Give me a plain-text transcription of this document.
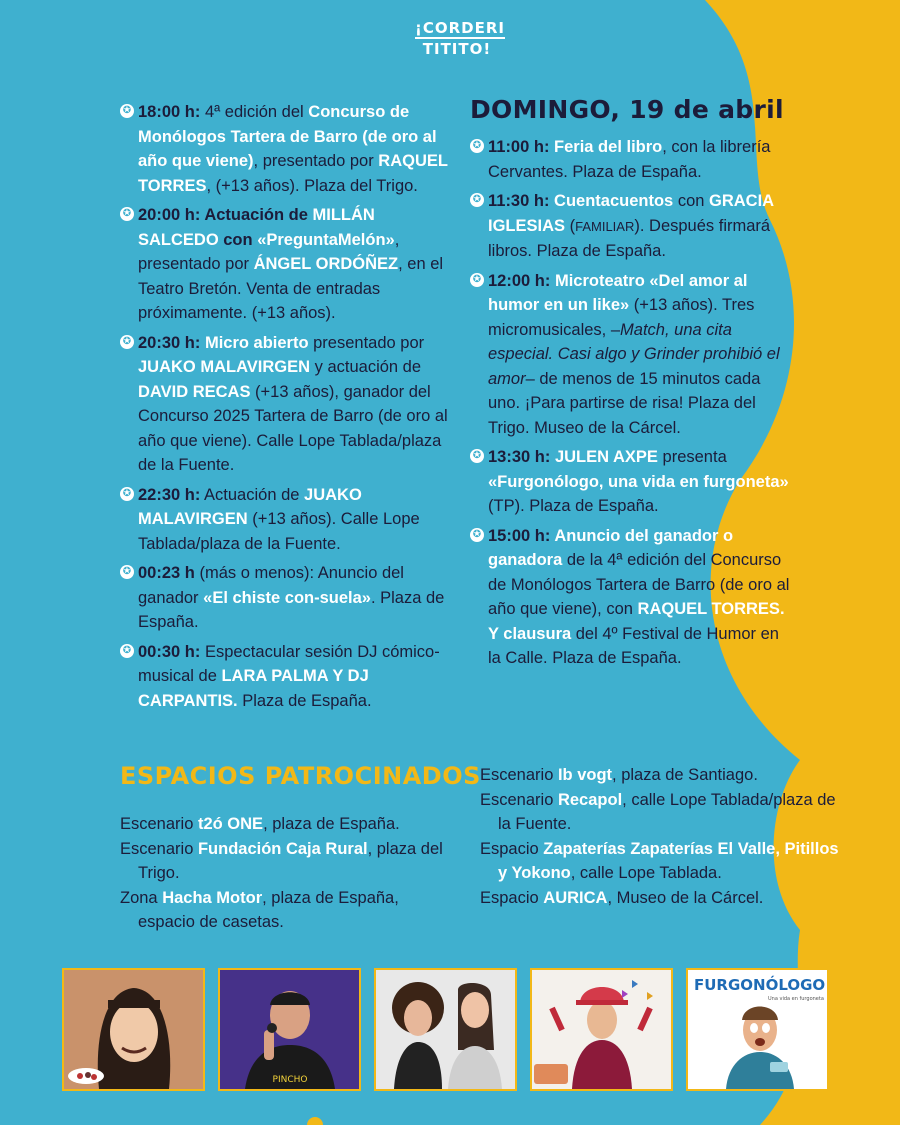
¡CORDERI
TITITO!
✪ 18:00 h: 4ª edición del Concurso de Monólogos Tartera de Barro (de oro al año que viene), presentado por RAQUEL TORRES, (+13 años). Plaza del Trigo.
✪ 20:00 h: Actuación de MILLÁN SALCEDO con «PreguntaMelón», presentado por ÁNGEL ORDÓÑEZ, en el Teatro Bretón. Venta de entradas próximamente. (+13 años).
✪ 20:30 h: Micro abierto presentado por JUAKO MALAVIRGEN y actuación de DAVID RECAS (+13 años), ganador del Concurso 2025 Tartera de Barro (de oro al año que viene). Calle Lope Tablada/plaza de la Fuente.
✪ 22:30 h: Actuación de JUAKO MALAVIRGEN (+13 años). Calle Lope Tablada/plaza de la Fuente.
✪ 00:23 h (más o menos): Anuncio del ganador «El chiste con-suela». Plaza de España.
✪ 00:30 h: Espectacular sesión DJ cómico-musical de LARA PALMA Y DJ CARPANTIS. Plaza de España.
DOMINGO, 19 de abril
✪ 11:00 h: Feria del libro, con la librería Cervantes. Plaza de España.
✪ 11:30 h: Cuentacuentos con GRACIA IGLESIAS (FAMILIAR). Después firmará libros. Plaza de España.
✪ 12:00 h: Microteatro «Del amor al humor en un like» (+13 años). Tres micromusicales, –Match, una cita especial. Casi algo y Grinder prohibió el amor– de menos de 15 minutos cada uno. ¡Para partirse de risa! Plaza del Trigo. Museo de la Cárcel.
✪ 13:30 h: JULEN AXPE presenta «Furgonólogo, una vida en furgoneta» (TP). Plaza de España.
✪ 15:00 h: Anuncio del ganador o ganadora de la 4ª edición del Concurso de Monólogos Tartera de Barro (de oro al año que viene), con RAQUEL TORRES.
Y clausura del 4º Festival de Humor en la Calle. Plaza de España.
ESPACIOS PATROCINADOS

Escenario t2ó ONE, plaza de España.

Escenario Fundación Caja Rural, plaza del Trigo.

Zona Hacha Motor, plaza de España, espacio de casetas.

Escenario Ib vogt, plaza de Santiago.

Escenario Recapol, calle Lope Tablada/plaza de la Fuente.

Espacio Zapaterías Zapaterías El Valle, Pitillos y Yokono, calle Lope Tablada.

Espacio AURICA, Museo de la Cárcel.

PINCHO
FURGONÓLOGO
Una vida en furgoneta
